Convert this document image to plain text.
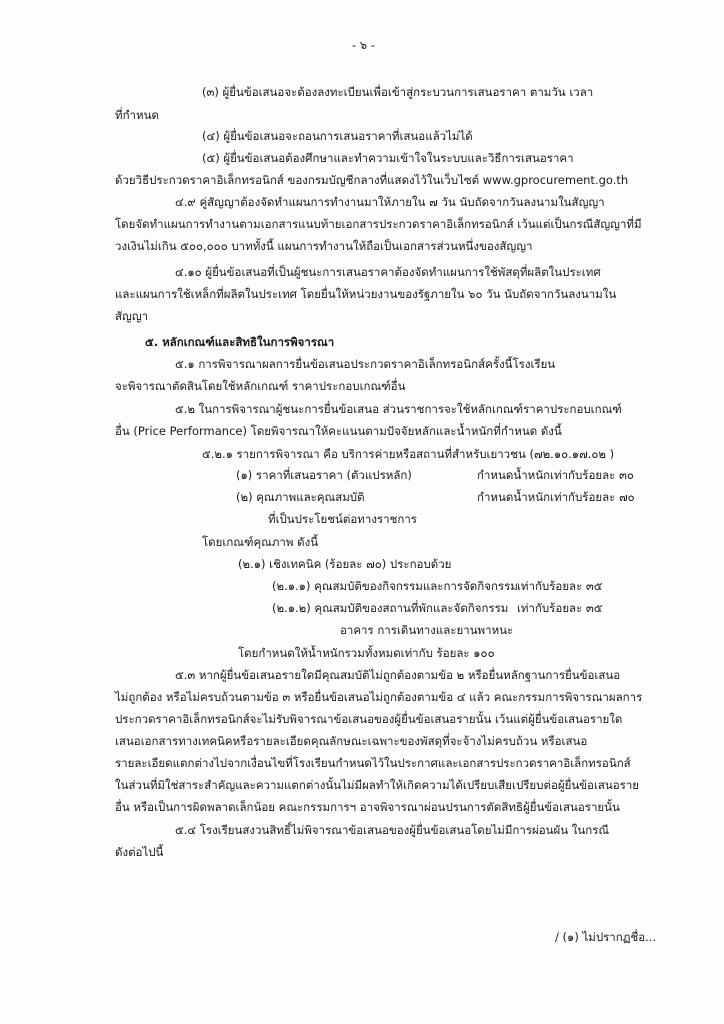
- ๖ -
(๓) ผู้ยื่นข้อเสนอจะต้องลงทะเบียนเพื่อเข้าสู่กระบวนการเสนอราคา ตามวัน เวลา
ที่กำหนด
(๔) ผู้ยื่นข้อเสนอจะถอนการเสนอราคาที่เสนอแล้วไม่ได้
(๕) ผู้ยื่นข้อเสนอต้องศึกษาและทำความเข้าใจในระบบและวิธีการเสนอราคา
ด้วยวิธีประกวดราคาอิเล็กทรอนิกส์ ของกรมบัญชีกลางที่แสดงไว้ในเว็บไซต์ www.gprocurement.go.th
๔.๙ คู่สัญญาต้องจัดทำแผนการทำงานมาให้ภายใน ๗ วัน นับถัดจากวันลงนามในสัญญา
โดยจัดทำแผนการทำงานตามเอกสารแนบท้ายเอกสารประกวดราคาอิเล็กทรอนิกส์ เว้นแต่เป็นกรณีสัญญาที่มี
วงเงินไม่เกิน ๕๐๐,๐๐๐ บาททั้งนี้ แผนการทำงานให้ถือเป็นเอกสารส่วนหนึ่งของสัญญา
๔.๑๐ ผู้ยื่นข้อเสนอที่เป็นผู้ชนะการเสนอราคาต้องจัดทำแผนการใช้พัสดุที่ผลิตในประเทศ
และแผนการใช้เหล็กที่ผลิตในประเทศ โดยยื่นให้หน่วยงานของรัฐภายใน ๖๐ วัน นับถัดจากวันลงนามใน
สัญญา
๕. หลักเกณฑ์และสิทธิในการพิจารณา
๕.๑ การพิจารณาผลการยื่นข้อเสนอประกวดราคาอิเล็กทรอนิกส์ครั้งนี้โรงเรียน
จะพิจารณาตัดสินโดยใช้หลักเกณฑ์ ราคาประกอบเกณฑ์อื่น
๕.๒ ในการพิจารณาผู้ชนะการยื่นข้อเสนอ ส่วนราชการจะใช้หลักเกณฑ์ราคาประกอบเกณฑ์
อื่น (Price Performance) โดยพิจารณาให้คะแนนตามปัจจัยหลักและน้ำหนักที่กำหนด ดังนี้
๕.๒.๑ รายการพิจารณา คือ บริการค่ายหรือสถานที่สำหรับเยาวชน (๗๒.๑๐.๑๗.๐๒ )
(๑) ราคาที่เสนอราคา (ตัวแปรหลัก)	กำหนดน้ำหนักเท่ากับร้อยละ ๓๐
(๒) คุณภาพและคุณสมบัติ	กำหนดน้ำหนักเท่ากับร้อยละ ๗๐
ที่เป็นประโยชน์ต่อทางราชการ
โดยเกณฑ์คุณภาพ ดังนี้
(๒.๑) เชิงเทคนิค (ร้อยละ ๗๐) ประกอบด้วย
(๒.๑.๑) คุณสมบัติของกิจกรรมและการจัดกิจกรรม เท่ากับร้อยละ ๓๕
(๒.๑.๒) คุณสมบัติของสถานที่พักและจัดกิจกรรม เท่ากับร้อยละ ๓๕
อาคาร การเดินทางและยานพาหนะ
โดยกำหนดให้น้ำหนักรวมทั้งหมดเท่ากับ ร้อยละ ๑๐๐
๕.๓ หากผู้ยื่นข้อเสนอรายใดมีคุณสมบัติไม่ถูกต้องตามข้อ ๒ หรือยื่นหลักฐานการยื่นข้อเสนอ
ไม่ถูกต้อง หรือไม่ครบถ้วนตามข้อ ๓ หรือยื่นข้อเสนอไม่ถูกต้องตามข้อ ๔ แล้ว คณะกรรมการพิจารณาผลการ
ประกวดราคาอิเล็กทรอนิกส์จะไม่รับพิจารณาข้อเสนอของผู้ยื่นข้อเสนอรายนั้น เว้นแต่ผู้ยื่นข้อเสนอรายใด
เสนอเอกสารทางเทคนิคหรือรายละเอียดคุณลักษณะเฉพาะของพัสดุที่จะจ้างไม่ครบถ้วน หรือเสนอ
รายละเอียดแตกต่างไปจากเงื่อนไขที่โรงเรียนกำหนดไว้ในประกาศและเอกสารประกวดราคาอิเล็กทรอนิกส์
ในส่วนที่มิใช่สาระสำคัญและความแตกต่างนั้นไม่มีผลทำให้เกิดความได้เปรียบเสียเปรียบต่อผู้ยื่นข้อเสนอราย
อื่น หรือเป็นการผิดพลาดเล็กน้อย คณะกรรมการฯ อาจพิจารณาผ่อนปรนการตัดสิทธิผู้ยื่นข้อเสนอรายนั้น
๕.๔ โรงเรียนสงวนสิทธิ์ไม่พิจารณาข้อเสนอของผู้ยื่นข้อเสนอโดยไม่มีการผ่อนผัน ในกรณี
ดังต่อไปนี้
/ (๑) ไม่ปรากฏชื่อ...
